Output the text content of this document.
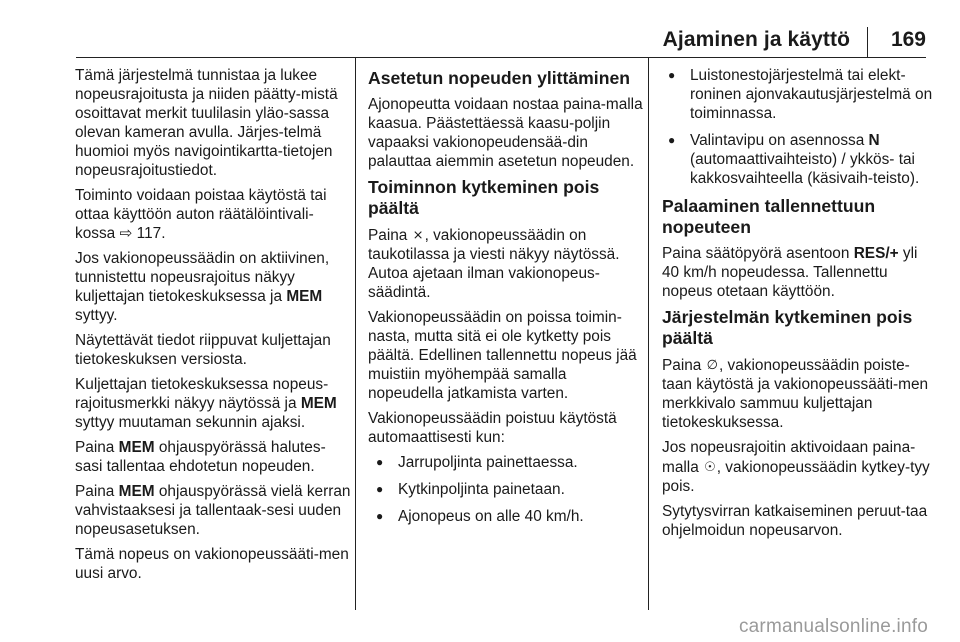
Ajaminen ja käyttö 169

Tämä järjestelmä tunnistaa ja lukee nopeusrajoitusta ja niiden päätty-mistä osoittavat merkit tuulilasin yläo-sassa olevan kameran avulla. Järjes-telmä huomioi myös navigointikartta-tietojen nopeusrajoitustiedot.

Toiminto voidaan poistaa käytöstä tai ottaa käyttöön auton räätälöintivali-kossa ⇨ 117.

Jos vakionopeussäädin on aktiivinen, tunnistettu nopeusrajoitus näkyy kuljettajan tietokeskuksessa ja MEM syttyy.

Näytettävät tiedot riippuvat kuljettajan tietokeskuksen versiosta.

Kuljettajan tietokeskuksessa nopeus-rajoitusmerkki näkyy näytössä ja MEM syttyy muutaman sekunnin ajaksi.

Paina MEM ohjauspyörässä halutes-sasi tallentaa ehdotetun nopeuden.

Paina MEM ohjauspyörässä vielä kerran vahvistaaksesi ja tallentaak-sesi uuden nopeusasetuksen.

Tämä nopeus on vakionopeussääti-men uusi arvo.

Asetetun nopeuden ylittäminen

Ajonopeutta voidaan nostaa paina-malla kaasua. Päästettäessä kaasu-poljin vapaaksi vakionopeudensää-din palauttaa aiemmin asetetun nopeuden.

Toiminnon kytkeminen pois päältä

Paina ⨯, vakionopeussäädin on taukotilassa ja viesti näkyy näytössä. Autoa ajetaan ilman vakionopeus-säädintä.

Vakionopeussäädin on poissa toimin-nasta, mutta sitä ei ole kytketty pois päältä. Edellinen tallennettu nopeus jää muistiin myöhempää samalla nopeudella jatkamista varten.

Vakionopeussäädin poistuu käytöstä automaattisesti kun:

● Jarrupoljinta painettaessa.
● Kytkinpoljinta painetaan.
● Ajonopeus on alle 40 km/h.
● Luistonestojärjestelmä tai elekt-roninen ajonvakautusjärjestelmä on toiminnassa.
● Valintavipu on asennossa N (automaattivaihteisto) / ykkös- tai kakkosvaihteella (käsivaih-teisto).
Palaaminen tallennettuun nopeuteen

Paina säätöpyörä asentoon RES/+ yli 40 km/h nopeudessa. Tallennettu nopeus otetaan käyttöön.

Järjestelmän kytkeminen pois päältä

Paina ∅, vakionopeussäädin poiste-taan käytöstä ja vakionopeussääti-men merkkivalo sammuu kuljettajan tietokeskuksessa.

Jos nopeusrajoitin aktivoidaan paina-malla ☉, vakionopeussäädin kytkey-tyy pois.

Sytytysvirran katkaiseminen peruut-taa ohjelmoidun nopeusarvon.

carmanualsonline.info
